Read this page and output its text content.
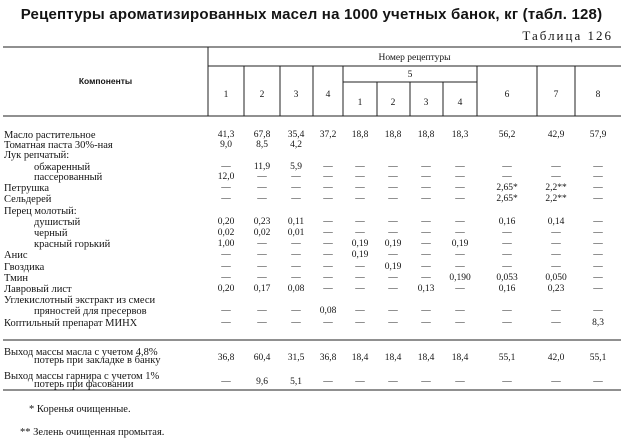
Рецептуры ароматизированных масел на 1000 учетных банок, кг (табл. 128)
Таблица 126
Компоненты
Номер рецептуры
5
1	2	3	4
1	2	3	4
6	7	8
Масло растительное	41,3	67,8	35,4	37,2	18,8	18,8	18,8	18,3	56,2	42,9	57,9
Томатная паста 30%-ная	9,0	8,5	4,2
Лук репчатый:
обжаренный	—	11,9	5,9	—	—	—	—	—	—	—	—
пассерованный	12,0	—	—	—	—	—	—	—	—	—	—
Петрушка	—	—	—	—	—	—	—	—	2,65*	2,2**	—
Сельдерей	—	—	—	—	—	—	—	—	2,65*	2,2**	—
Перец молотый:
душистый	0,20	0,23	0,11	—	—	—	—	—	0,16	0,14	—
черный	0,02	0,02	0,01	—	—	—	—	—	—	—	—
красный горький	1,00	—	—	—	0,19	0,19	—	0,19	—	—	—
Анис	—	—	—	—	0,19	—	—	—	—	—	—
Гвоздика	—	—	—	—	—	0,19	—	—	—	—	—
Тмин	—	—	—	—	—	—	—	0,190	0,053	0,050	—
Лавровый лист	0,20	0,17	0,08	—	—	—	0,13	—	0,16	0,23	—
Углекислотный экстракт из смеси
пряностей для пресервов	—	—	—	0,08	—	—	—	—	—	—	—
Коптильный препарат МИНХ	—	—	—	—	—	—	—	—	—	—	8,3
Выход массы масла с учетом 4,8%
потерь при закладке в банку	36,8	60,4	31,5	36,8	18,4	18,4	18,4	18,4	55,1	42,0	55,1
Выход массы гарнира с учетом 1%
потерь при фасовании	—	9,6	5,1	—	—	—	—	—	—	—	—
* Коренья очищенные.
** Зелень очищенная промытая.
